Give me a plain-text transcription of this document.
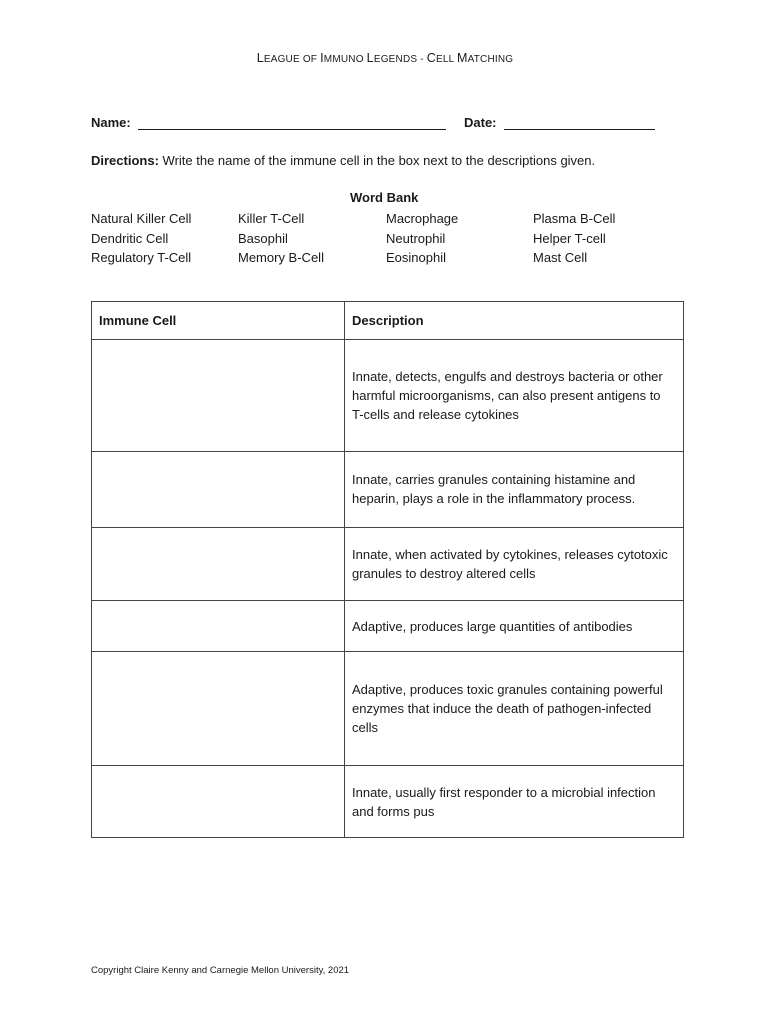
LEAGUE OF IMMUNO LEGENDS - CELL MATCHING
Name:	Date:
Directions: Write the name of the immune cell in the box next to the descriptions given.
Word Bank
Natural Killer Cell
Dendritic Cell
Regulatory T-Cell
Killer T-Cell
Basophil
Memory B-Cell
Macrophage
Neutrophil
Eosinophil
Plasma B-Cell
Helper T-cell
Mast Cell
Immune Cell	Description

	Innate, detects, engulfs and destroys bacteria or other harmful microorganisms, can also present antigens to T-cells and release cytokines

	Innate, carries granules containing histamine and heparin, plays a role in the inflammatory process.

	Innate, when activated by cytokines, releases cytotoxic granules to destroy altered cells

	Adaptive, produces large quantities of antibodies

	Adaptive, produces toxic granules containing powerful enzymes that induce the death of pathogen-infected cells

	Innate, usually first responder to a microbial infection and forms pus
Copyright Claire Kenny and Carnegie Mellon University, 2021
